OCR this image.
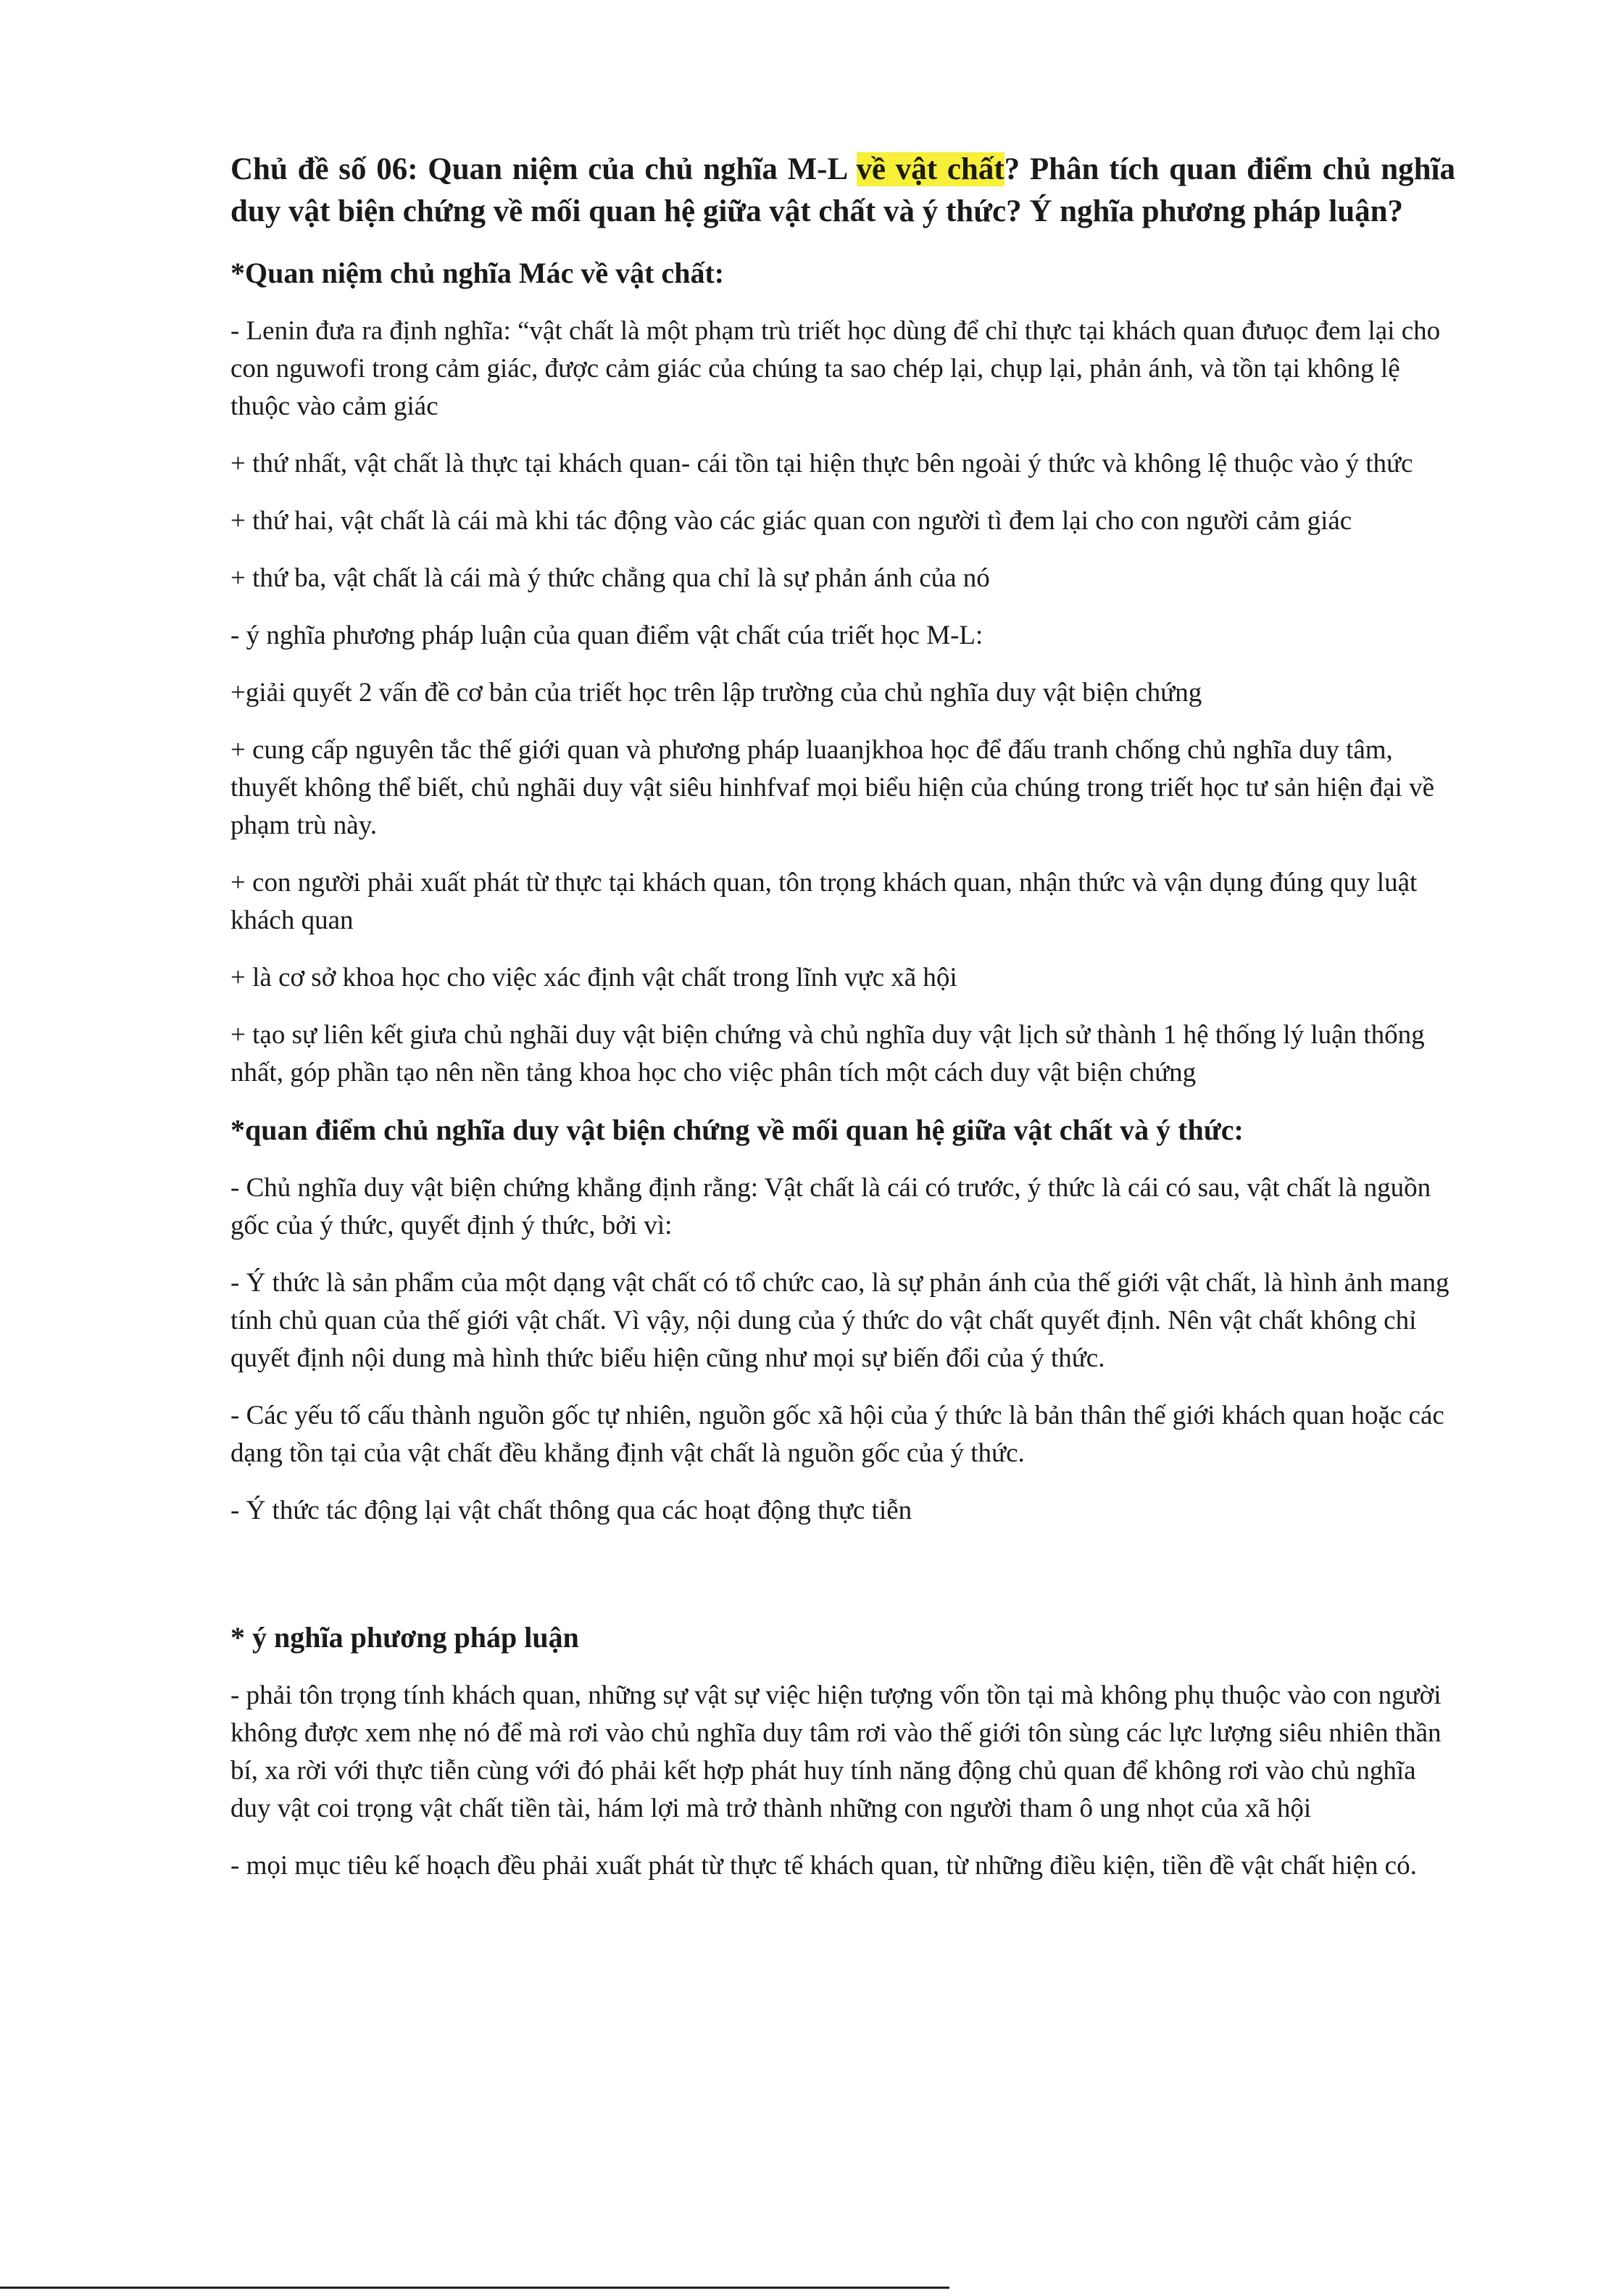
Chủ đề số 06: Quan niệm của chủ nghĩa M-L về vật chất? Phân tích quan điểm chủ nghĩa duy vật biện chứng về mối quan hệ giữa vật chất và ý thức? Ý nghĩa phương pháp luận?
*Quan niệm chủ nghĩa Mác về vật chất:

- Lenin đưa ra định nghĩa: “vật chất là một phạm trù triết học dùng để chỉ thực tại khách quan đưuọc đem lại cho con nguwofi trong cảm giác, được cảm giác của chúng ta sao chép lại, chụp lại, phản ánh, và tồn tại không lệ thuộc vào cảm giác

+ thứ nhất, vật chất là thực tại khách quan- cái tồn tại hiện thực bên ngoài ý thức và không lệ thuộc vào ý thức

+ thứ hai, vật chất là cái mà khi tác động vào các giác quan con người tì đem lại cho con người cảm giác

+ thứ ba, vật chất là cái mà ý thức chẳng qua chỉ là sự phản ánh của nó

- ý nghĩa phương pháp luận của quan điểm vật chất cúa triết học M-L:

+giải quyết 2 vấn đề cơ bản của triết học trên lập trường của chủ nghĩa duy vật biện chứng

+ cung cấp nguyên tắc thế giới quan và phương pháp luaanjkhoa học để đấu tranh chống chủ nghĩa duy tâm, thuyết không thể biết, chủ nghãi duy vật siêu hinhfvaf mọi biểu hiện của chúng trong triết học tư sản hiện đại về phạm trù này.

+ con người phải xuất phát từ thực tại khách quan, tôn trọng khách quan, nhận thức và vận dụng đúng quy luật khách quan

+ là cơ sở khoa học cho việc xác định vật chất trong lĩnh vực xã hội

+ tạo sự liên kết giưa chủ nghãi duy vật biện chứng và chủ nghĩa duy vật lịch sử thành 1 hệ thống lý luận thống nhất, góp phần tạo nên nền tảng khoa học cho việc phân tích một cách duy vật biện chứng

*quan điểm chủ nghĩa duy vật biện chứng về mối quan hệ giữa vật chất và ý thức:

- Chủ nghĩa duy vật biện chứng khẳng định rằng: Vật chất là cái có trước, ý thức là cái có sau, vật chất là nguồn gốc của ý thức, quyết định ý thức, bởi vì:

- Ý thức là sản phẩm của một dạng vật chất có tổ chức cao, là sự phản ánh của thế giới vật chất, là hình ảnh mang tính chủ quan của thế giới vật chất. Vì vậy, nội dung của ý thức do vật chất quyết định. Nên vật chất không chỉ quyết định nội dung mà hình thức biểu hiện cũng như mọi sự biến đổi của ý thức.

- Các yếu tố cấu thành nguồn gốc tự nhiên, nguồn gốc xã hội của ý thức là bản thân thế giới khách quan hoặc các dạng tồn tại của vật chất đều khẳng định vật chất là nguồn gốc của ý thức.

- Ý thức tác động lại vật chất thông qua các hoạt động thực tiễn

* ý nghĩa phương pháp luận

- phải tôn trọng tính khách quan, những sự vật sự việc hiện tượng vốn tồn tại mà không phụ thuộc vào con người không được xem nhẹ nó để mà rơi vào chủ nghĩa duy tâm rơi vào thế giới tôn sùng các lực lượng siêu nhiên thần bí, xa rời với thực tiễn cùng với đó phải kết hợp phát huy tính năng động chủ quan để không rơi vào chủ nghĩa duy vật coi trọng vật chất tiền tài, hám lợi mà trở thành những con người tham ô ung nhọt của xã hội

- mọi mục tiêu kế hoạch đều phải xuất phát từ thực tế khách quan, từ những điều kiện, tiền đề vật chất hiện có.
